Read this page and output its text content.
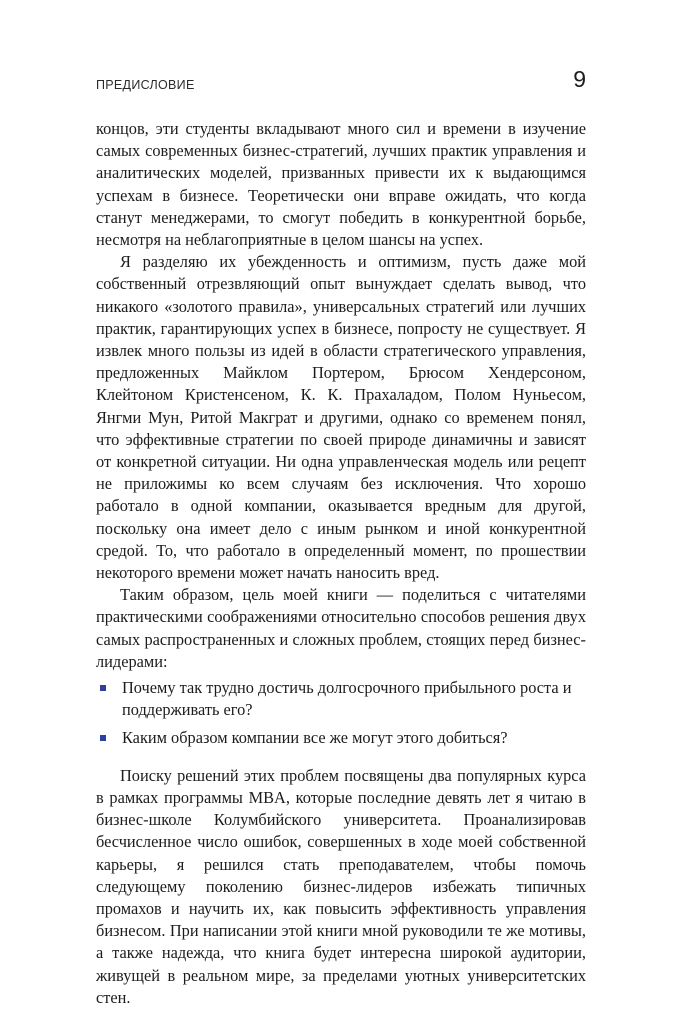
ПРЕДИСЛОВИЕ	9

концов, эти студенты вкладывают много сил и времени в изучение самых современных бизнес-стратегий, лучших практик управления и аналитических моделей, призванных привести их к выдающимся успехам в бизнесе. Теоретически они вправе ожидать, что когда станут менеджерами, то смогут победить в конкурентной борьбе, несмотря на неблагоприятные в целом шансы на успех.

Я разделяю их убежденность и оптимизм, пусть даже мой собственный отрезвляющий опыт вынуждает сделать вывод, что никакого «золотого правила», универсальных стратегий или лучших практик, гарантирующих успех в бизнесе, попросту не существует. Я извлек много пользы из идей в области стратегического управления, предложенных Майклом Портером, Брюсом Хендерсоном, Клейтоном Кристенсеном, К. К. Прахаладом, Полом Нуньесом, Янгми Мун, Ритой Макграт и другими, однако со временем понял, что эффективные стратегии по своей природе динамичны и зависят от конкретной ситуации. Ни одна управленческая модель или рецепт не приложимы ко всем случаям без исключения. Что хорошо работало в одной компании, оказывается вредным для другой, поскольку она имеет дело с иным рынком и иной конкурентной средой. То, что работало в определенный момент, по прошествии некоторого времени может начать наносить вред.

Таким образом, цель моей книги — поделиться с читателями практическими соображениями относительно способов решения двух самых распространенных и сложных проблем, стоящих перед бизнес-лидерами:

Почему так трудно достичь долгосрочного прибыльного роста и поддерживать его?
Каким образом компании все же могут этого добиться?

Поиску решений этих проблем посвящены два популярных курса в рамках программы MBA, которые последние девять лет я читаю в бизнес-школе Колумбийского университета. Проанализировав бесчисленное число ошибок, совершенных в ходе моей собственной карьеры, я решился стать преподавателем, чтобы помочь следующему поколению бизнес-лидеров избежать типичных промахов и научить их, как повысить эффективность управления бизнесом. При написании этой книги мной руководили те же мотивы, а также надежда, что книга будет интересна широкой аудитории, живущей в реальном мире, за пределами уютных университетских стен.
